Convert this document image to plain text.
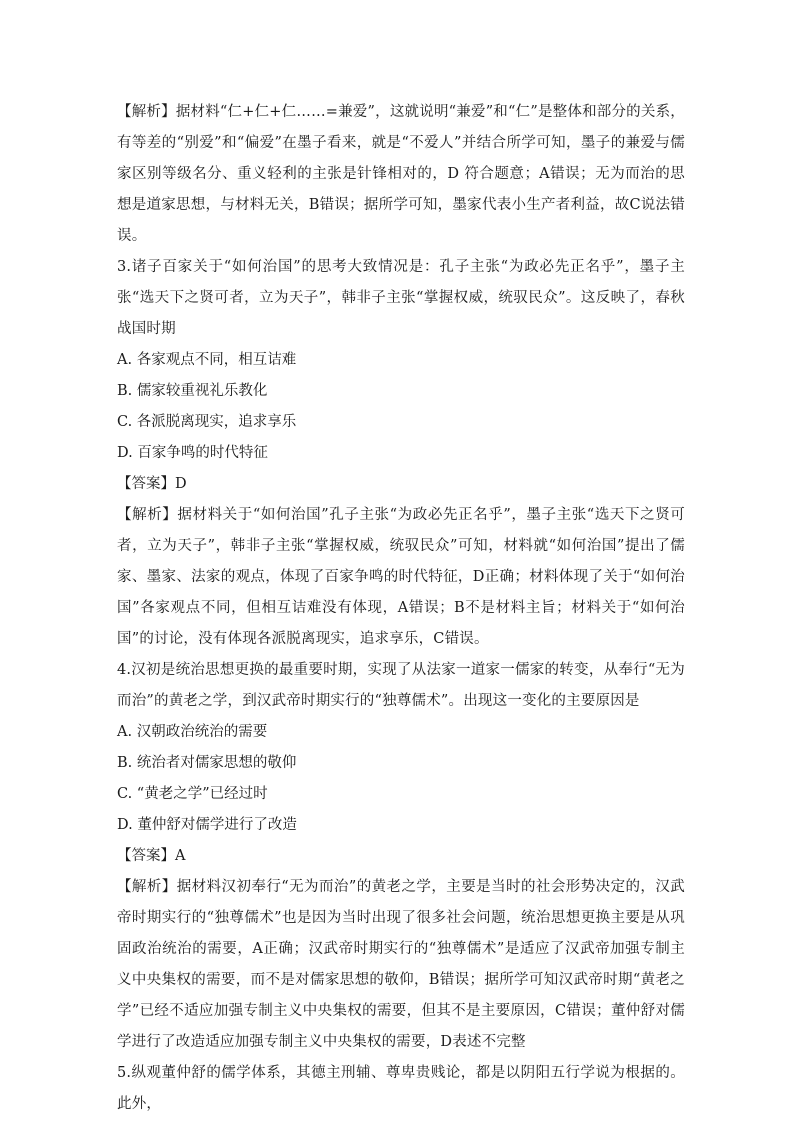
【解析】据材料“仁+仁+仁……=兼爱”，这就说明“兼爱”和“仁”是整体和部分的关系，有等差的“别爱”和“偏爱”在墨子看来，就是“不爱人”并结合所学可知，墨子的兼爱与儒家区别等级名分、重义轻利的主张是针锋相对的，D 符合题意；A错误；无为而治的思想是道家思想，与材料无关，B错误；据所学可知，墨家代表小生产者利益，故C说法错误。

3.诸子百家关于“如何治国”的思考大致情况是：孔子主张“为政必先正名乎”，墨子主张“选天下之贤可者，立为天子”，韩非子主张“掌握权威，统驭民众”。这反映了，春秋战国时期

A. 各家观点不同，相互诘难

B. 儒家较重视礼乐教化

C. 各派脱离现实，追求享乐

D. 百家争鸣的时代特征

【答案】D

【解析】据材料关于“如何治国”孔子主张“为政必先正名乎”，墨子主张“选天下之贤可者，立为天子”，韩非子主张“掌握权威，统驭民众”可知，材料就“如何治国”提出了儒家、墨家、法家的观点，体现了百家争鸣的时代特征，D正确；材料体现了关于“如何治国”各家观点不同，但相互诘难没有体现，A错误；B不是材料主旨；材料关于“如何治国”的讨论，没有体现各派脱离现实，追求享乐，C错误。

4.汉初是统治思想更换的最重要时期，实现了从法家一道家一儒家的转变，从奉行“无为而治”的黄老之学，到汉武帝时期实行的“独尊儒术”。出现这一变化的主要原因是

A. 汉朝政治统治的需要

B. 统治者对儒家思想的敬仰

C. “黄老之学”已经过时

D. 董仲舒对儒学进行了改造

【答案】A

【解析】据材料汉初奉行“无为而治”的黄老之学，主要是当时的社会形势决定的，汉武帝时期实行的“独尊儒术”也是因为当时出现了很多社会问题，统治思想更换主要是从巩固政治统治的需要，A正确；汉武帝时期实行的“独尊儒术”是适应了汉武帝加强专制主义中央集权的需要，而不是对儒家思想的敬仰，B错误；据所学可知汉武帝时期“黄老之学”已经不适应加强专制主义中央集权的需要，但其不是主要原因，C错误；董仲舒对儒学进行了改造适应加强专制主义中央集权的需要，D表述不完整

5.纵观董仲舒的儒学体系，其德主刑辅、尊卑贵贱论，都是以阴阳五行学说为根据的。此外，
